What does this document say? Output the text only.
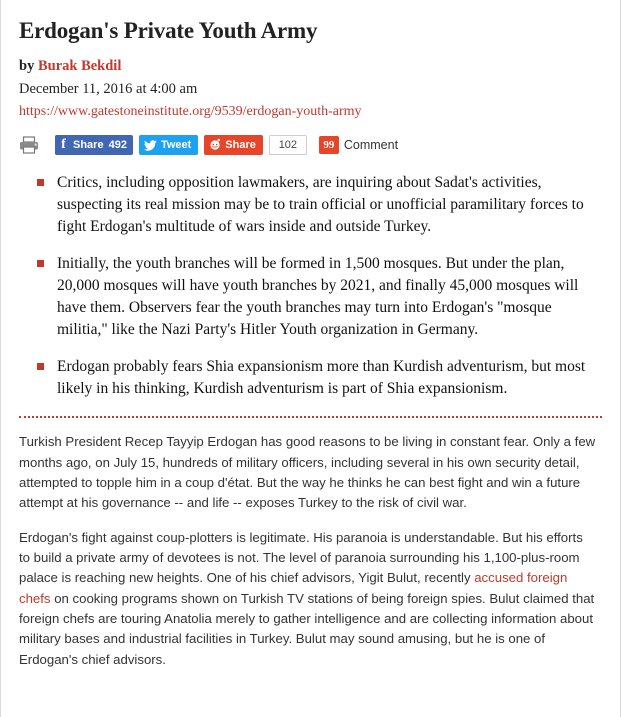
Erdogan's Private Youth Army
by Burak Bekdil
December 11, 2016 at 4:00 am
https://www.gatestoneinstitute.org/9539/erdogan-youth-army
f Share 492	Tweet	Share	102	99 Comment
Critics, including opposition lawmakers, are inquiring about Sadat's activities, suspecting its real mission may be to train official or unofficial paramilitary forces to fight Erdogan's multitude of wars inside and outside Turkey.
Initially, the youth branches will be formed in 1,500 mosques. But under the plan, 20,000 mosques will have youth branches by 2021, and finally 45,000 mosques will have them. Observers fear the youth branches may turn into Erdogan's "mosque militia," like the Nazi Party's Hitler Youth organization in Germany.
Erdogan probably fears Shia expansionism more than Kurdish adventurism, but most likely in his thinking, Kurdish adventurism is part of Shia expansionism.

Turkish President Recep Tayyip Erdogan has good reasons to be living in constant fear. Only a few months ago, on July 15, hundreds of military officers, including several in his own security detail, attempted to topple him in a coup d'état. But the way he thinks he can best fight and win a future attempt at his governance -- and life -- exposes Turkey to the risk of civil war.

Erdogan's fight against coup-plotters is legitimate. His paranoia is understandable. But his efforts to build a private army of devotees is not. The level of paranoia surrounding his 1,100-plus-room palace is reaching new heights. One of his chief advisors, Yigit Bulut, recently accused foreign chefs on cooking programs shown on Turkish TV stations of being foreign spies. Bulut claimed that foreign chefs are touring Anatolia merely to gather intelligence and are collecting information about military bases and industrial facilities in Turkey. Bulut may sound amusing, but he is one of Erdogan's chief advisors.
